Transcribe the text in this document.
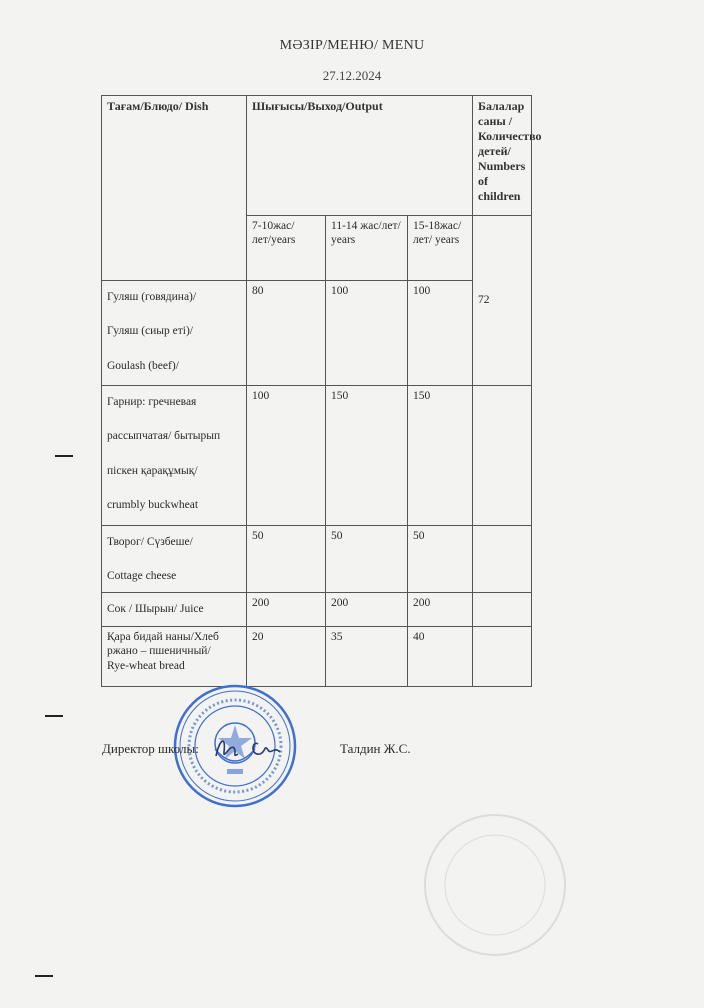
МӘЗІР/МЕНЮ/ MENU
27.12.2024
Тағам/Блюдо/ Dish	Шығысы/Выход/Output			Балалар саны /Количество детей/ Numbers of children
	7-10жас/лет/years	11-14 жас/лет/ years	15-18жас/лет/ years	72

Гуляш (говядина)/
Гуляш (сиыр еті)/
Goulash (beef)/	80	100	100	

Гарнир: гречневая
рассыпчатая/ бытырып
піскен қарақұмық/
crumbly buckwheat	100	150	150	

Творог/ Сүзбеше/
Cottage cheese	50	50	50	

Сок / Шырын/ Juice	200	200	200	

Қара бидай наны/Хлеб
ржано – пшеничный/
Rye-wheat bread	20	35	40	
Директор школы:	Талдин Ж.С.
